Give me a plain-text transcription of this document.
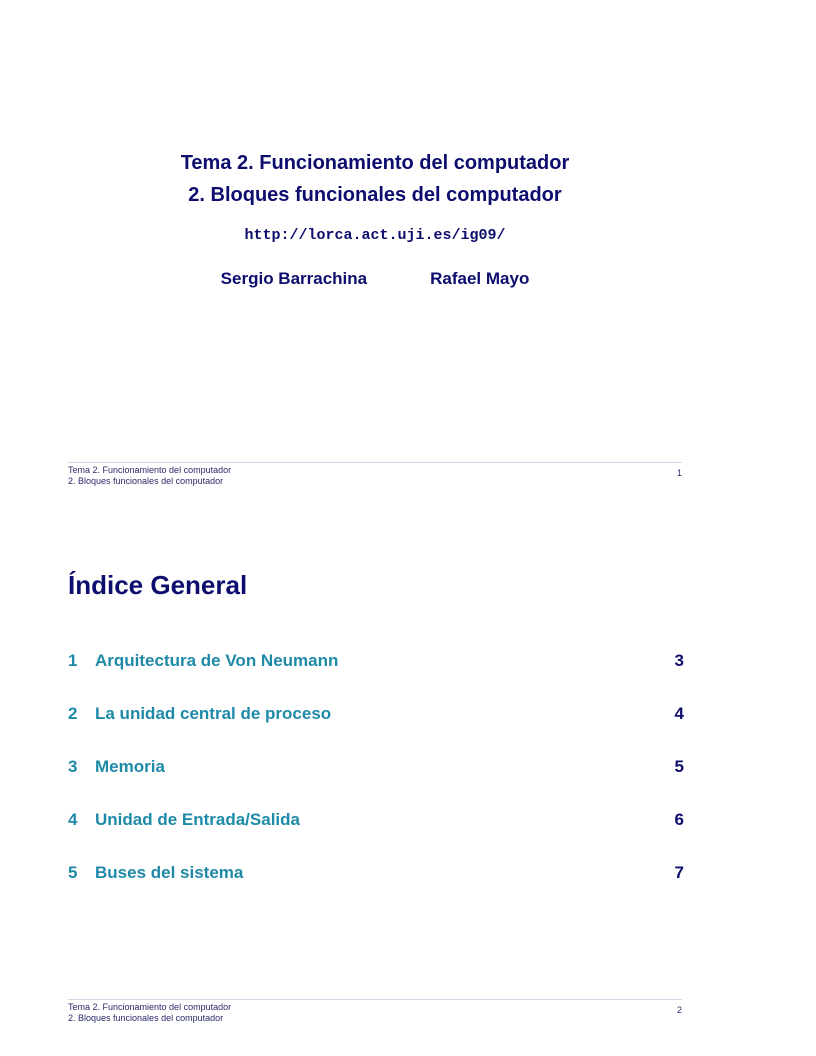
Tema 2. Funcionamiento del computador
2. Bloques funcionales del computador
http://lorca.act.uji.es/ig09/
Sergio Barrachina	Rafael Mayo
Tema 2. Funcionamiento del computador
2. Bloques funcionales del computador
1
Índice General
1	Arquitectura de Von Neumann	3
2	La unidad central de proceso	4
3	Memoria	5
4	Unidad de Entrada/Salida	6
5	Buses del sistema	7
Tema 2. Funcionamiento del computador
2. Bloques funcionales del computador
2
